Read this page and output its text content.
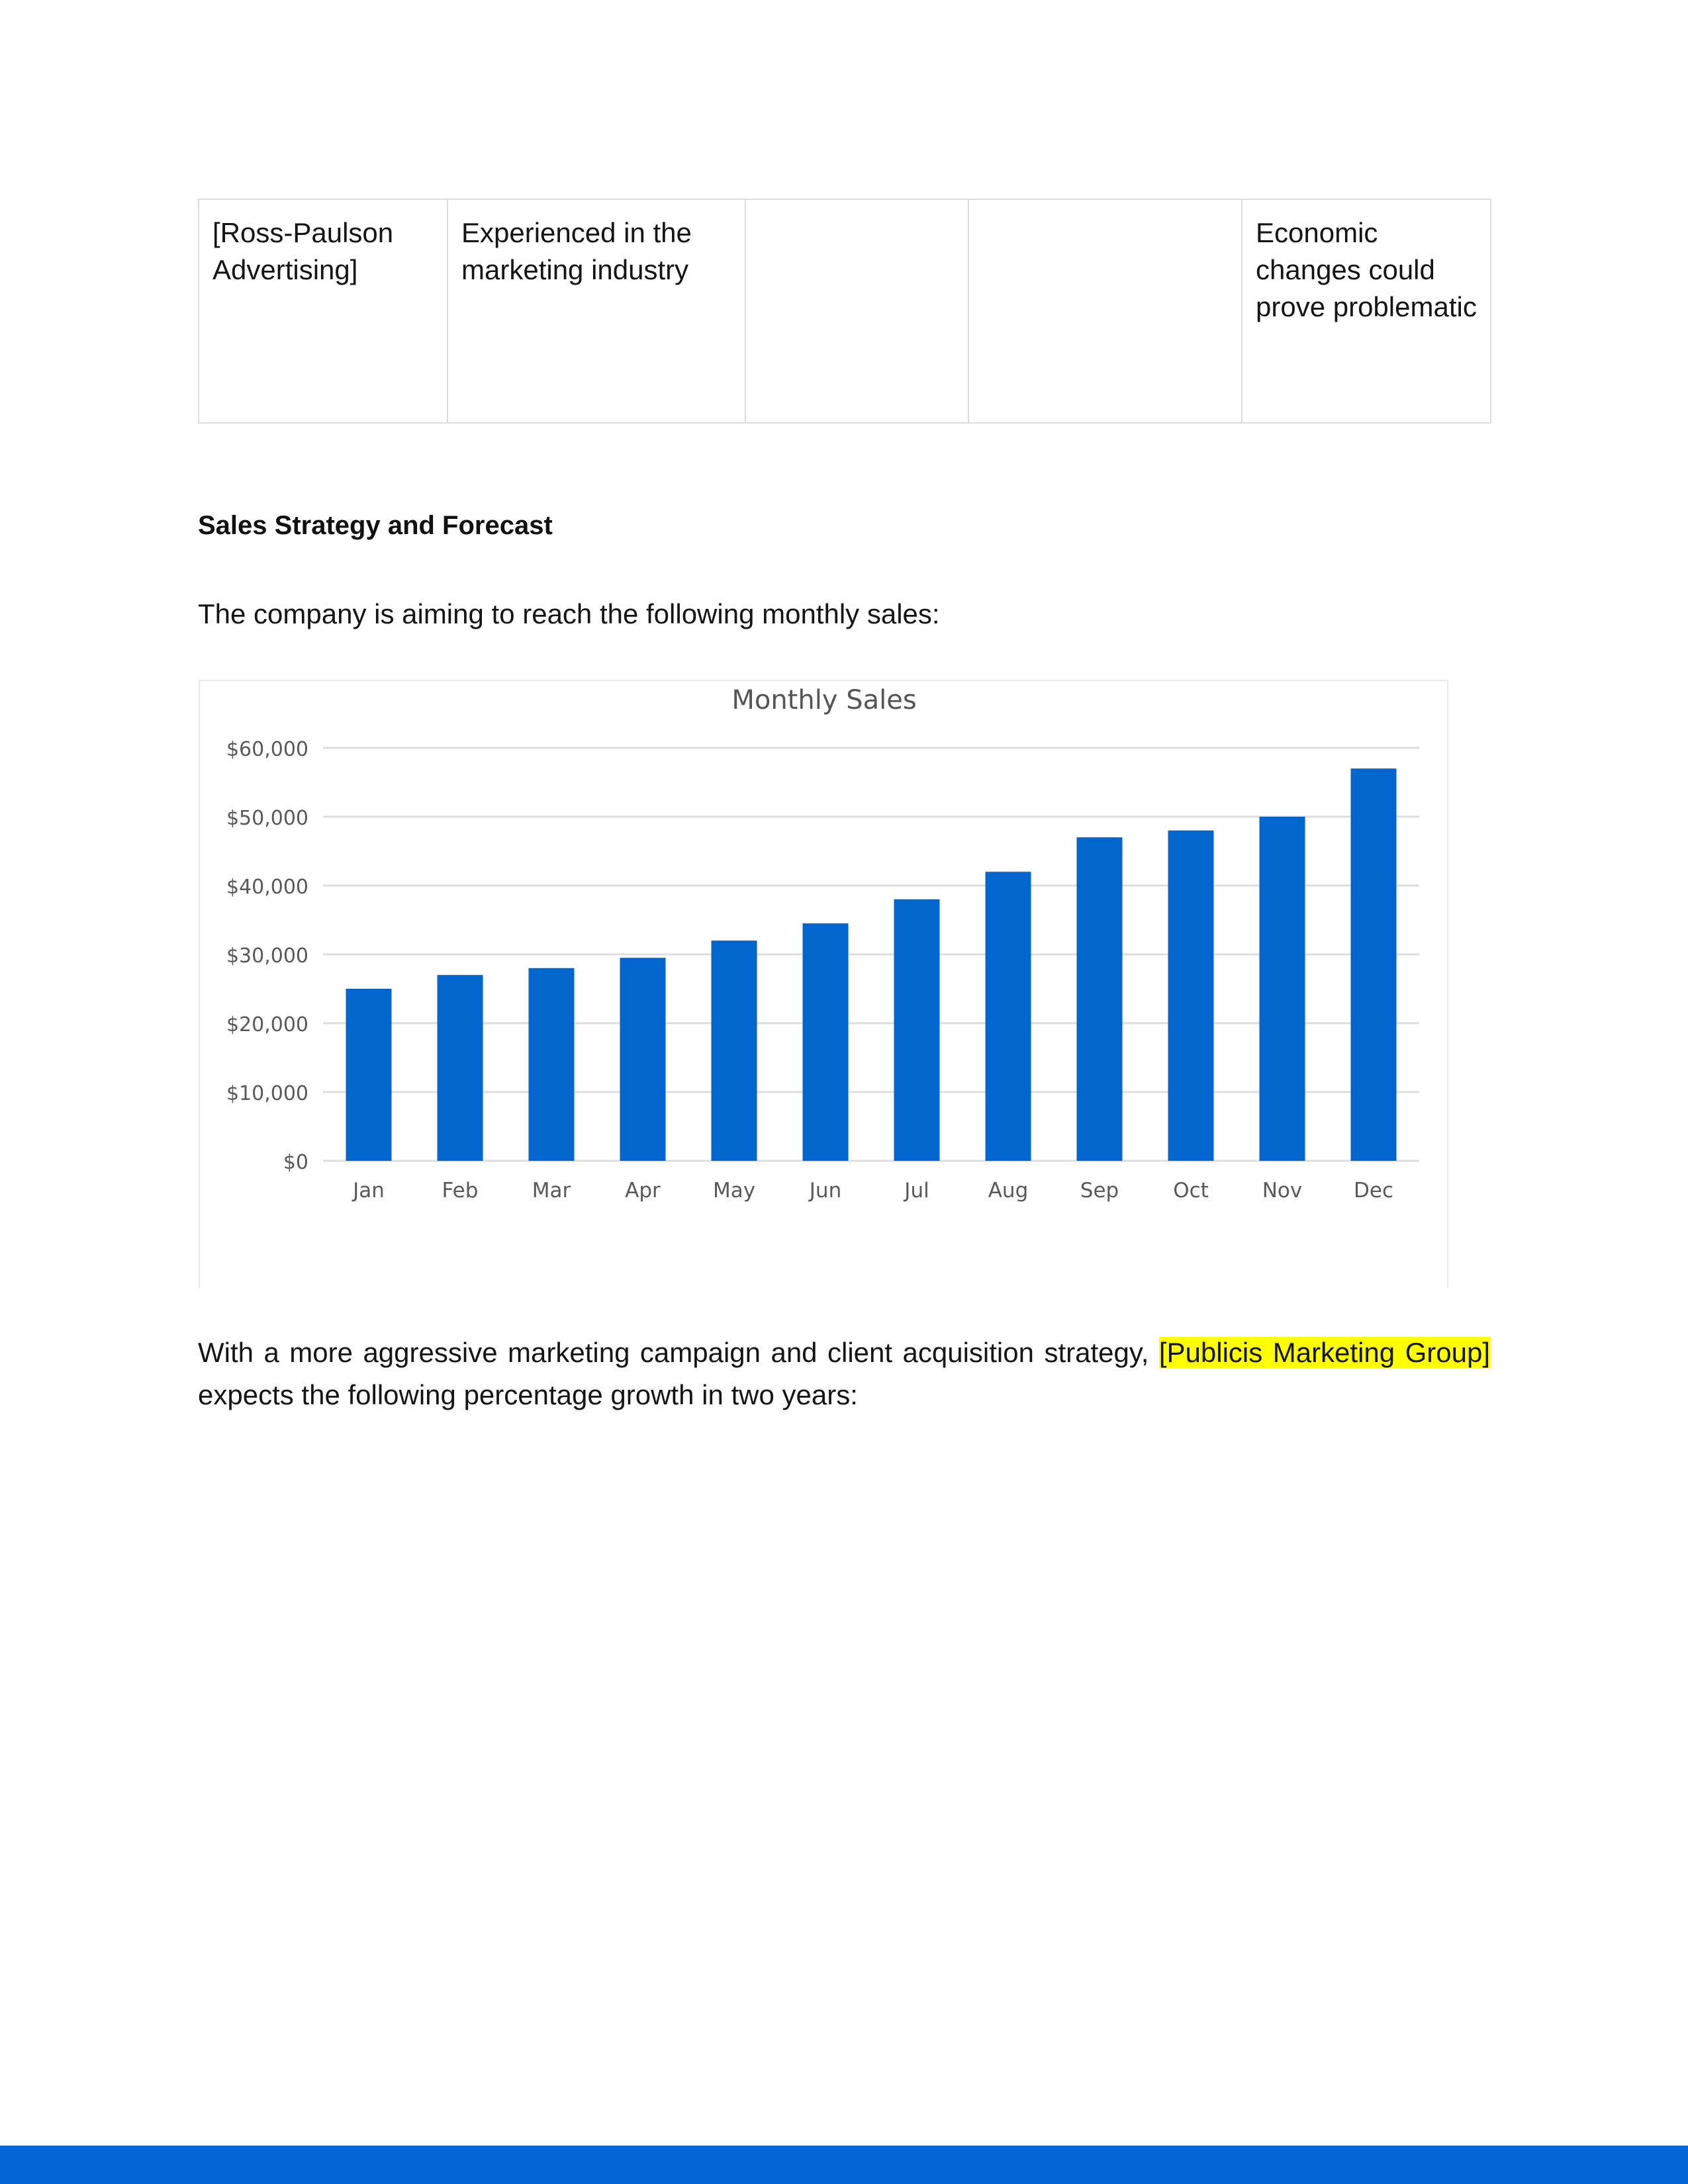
[Ross-Paulson Advertising]	Experienced in the marketing industry			Economic changes could prove problematic
Sales Strategy and Forecast

The company is aiming to reach the following monthly sales:

Monthly Sales
$0
$10,000
$20,000
$30,000
$40,000
$50,000
$60,000
Jan	Feb	Mar	Apr	May	Jun	Jul	Aug	Sep	Oct	Nov	Dec

With a more aggressive marketing campaign and client acquisition strategy, [Publicis Marketing Group] expects the following percentage growth in two years:
